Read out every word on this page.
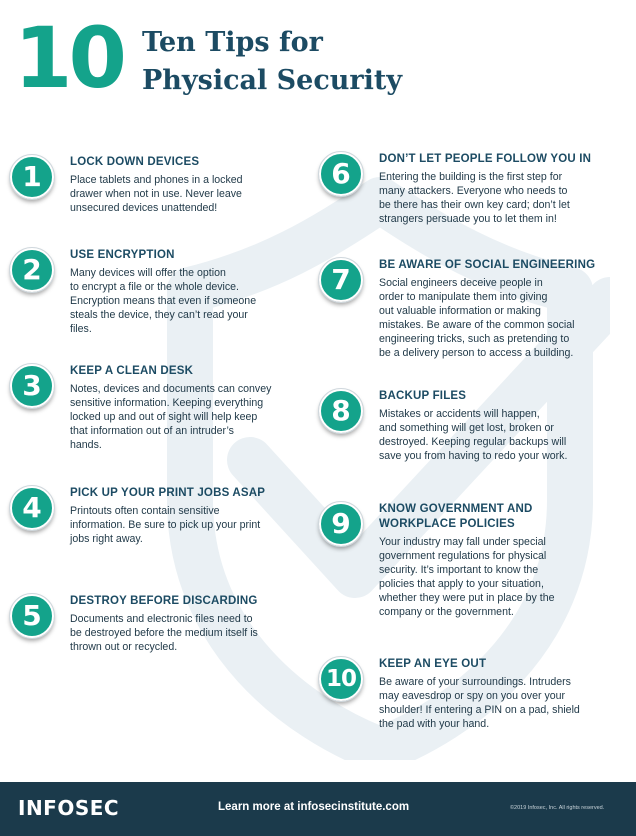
10 Ten Tips for
Physical Security
1	LOCK DOWN DEVICES
Place tablets and phones in a locked
drawer when not in use. Never leave
unsecured devices unattended!
2	USE ENCRYPTION
Many devices will offer the option
to encrypt a file or the whole device.
Encryption means that even if someone
steals the device, they can’t read your
files.
3	KEEP A CLEAN DESK
Notes, devices and documents can convey
sensitive information. Keeping everything
locked up and out of sight will help keep
that information out of an intruder’s
hands.
4	PICK UP YOUR PRINT JOBS ASAP
Printouts often contain sensitive
information. Be sure to pick up your print
jobs right away.
5	DESTROY BEFORE DISCARDING
Documents and electronic files need to
be destroyed before the medium itself is
thrown out or recycled.
6	DON’T LET PEOPLE FOLLOW YOU IN
Entering the building is the first step for
many attackers. Everyone who needs to
be there has their own key card; don’t let
strangers persuade you to let them in!
7	BE AWARE OF SOCIAL ENGINEERING
Social engineers deceive people in
order to manipulate them into giving
out valuable information or making
mistakes. Be aware of the common social
engineering tricks, such as pretending to
be a delivery person to access a building.
8	BACKUP FILES
Mistakes or accidents will happen,
and something will get lost, broken or
destroyed. Keeping regular backups will
save you from having to redo your work.
9	KNOW GOVERNMENT AND
WORKPLACE POLICIES
Your industry may fall under special
government regulations for physical
security. It’s important to know the
policies that apply to your situation,
whether they were put in place by the
company or the government.
10
KEEP AN EYE OUT
Be aware of your surroundings. Intruders
may eavesdrop or spy on you over your
shoulder! If entering a PIN on a pad, shield
the pad with your hand.
INFOSEC	Learn more at infosecinstitute.com	©2019 Infosec, Inc. All rights reserved.
